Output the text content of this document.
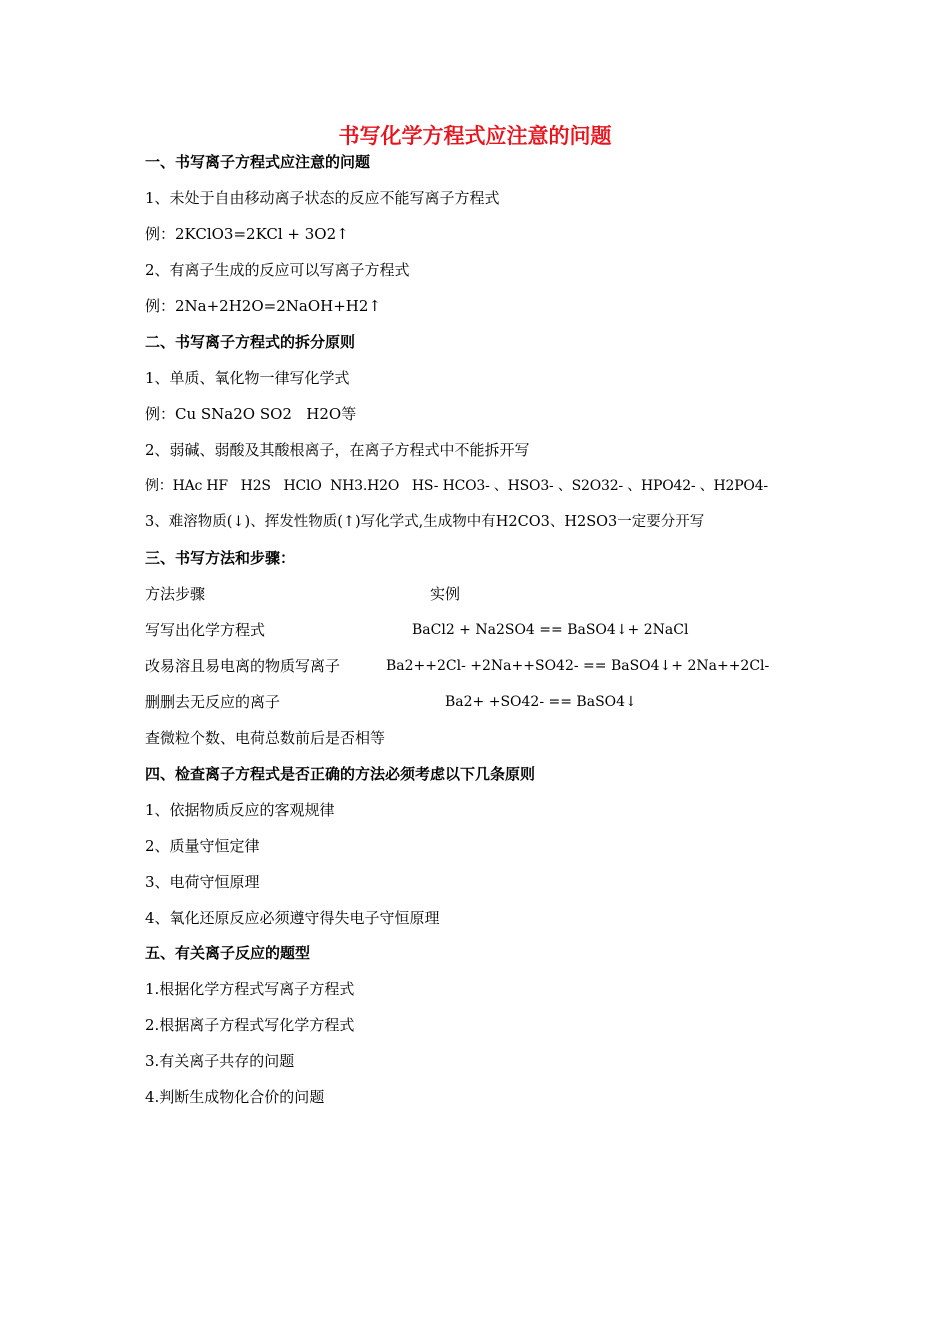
书写化学方程式应注意的问题
一、书写离子方程式应注意的问题
1、未处于自由移动离子状态的反应不能写离子方程式
例：2KClO3=2KCl + 3O2↑
2、有离子生成的反应可以写离子方程式
例：2Na+2H2O=2NaOH+H2↑
二、书写离子方程式的拆分原则
1、单质、氧化物一律写化学式
例：Cu SNa2O SO2   H2O等
2、弱碱、弱酸及其酸根离子，在离子方程式中不能拆开写
例：HAc HF   H2S   HClO  NH3.H2O   HS- HCO3- 、HSO3- 、S2O32- 、HPO42- 、H2PO4-
3、难溶物质(↓)、挥发性物质(↑)写化学式,生成物中有H2CO3、H2SO3一定要分开写
三、书写方法和步骤：
方法步骤	实例
写写出化学方程式	BaCl2 + Na2SO4 == BaSO4↓+ 2NaCl
改易溶且易电离的物质写离子	Ba2++2Cl- +2Na++SO42- == BaSO4↓+ 2Na++2Cl-
删删去无反应的离子	Ba2+ +SO42- == BaSO4↓
查微粒个数、电荷总数前后是否相等
四、检查离子方程式是否正确的方法必须考虑以下几条原则
1、依据物质反应的客观规律
2、质量守恒定律
3、电荷守恒原理
4、氧化还原反应必须遵守得失电子守恒原理
五、有关离子反应的题型
1.根据化学方程式写离子方程式
2.根据离子方程式写化学方程式
3.有关离子共存的问题
4.判断生成物化合价的问题
